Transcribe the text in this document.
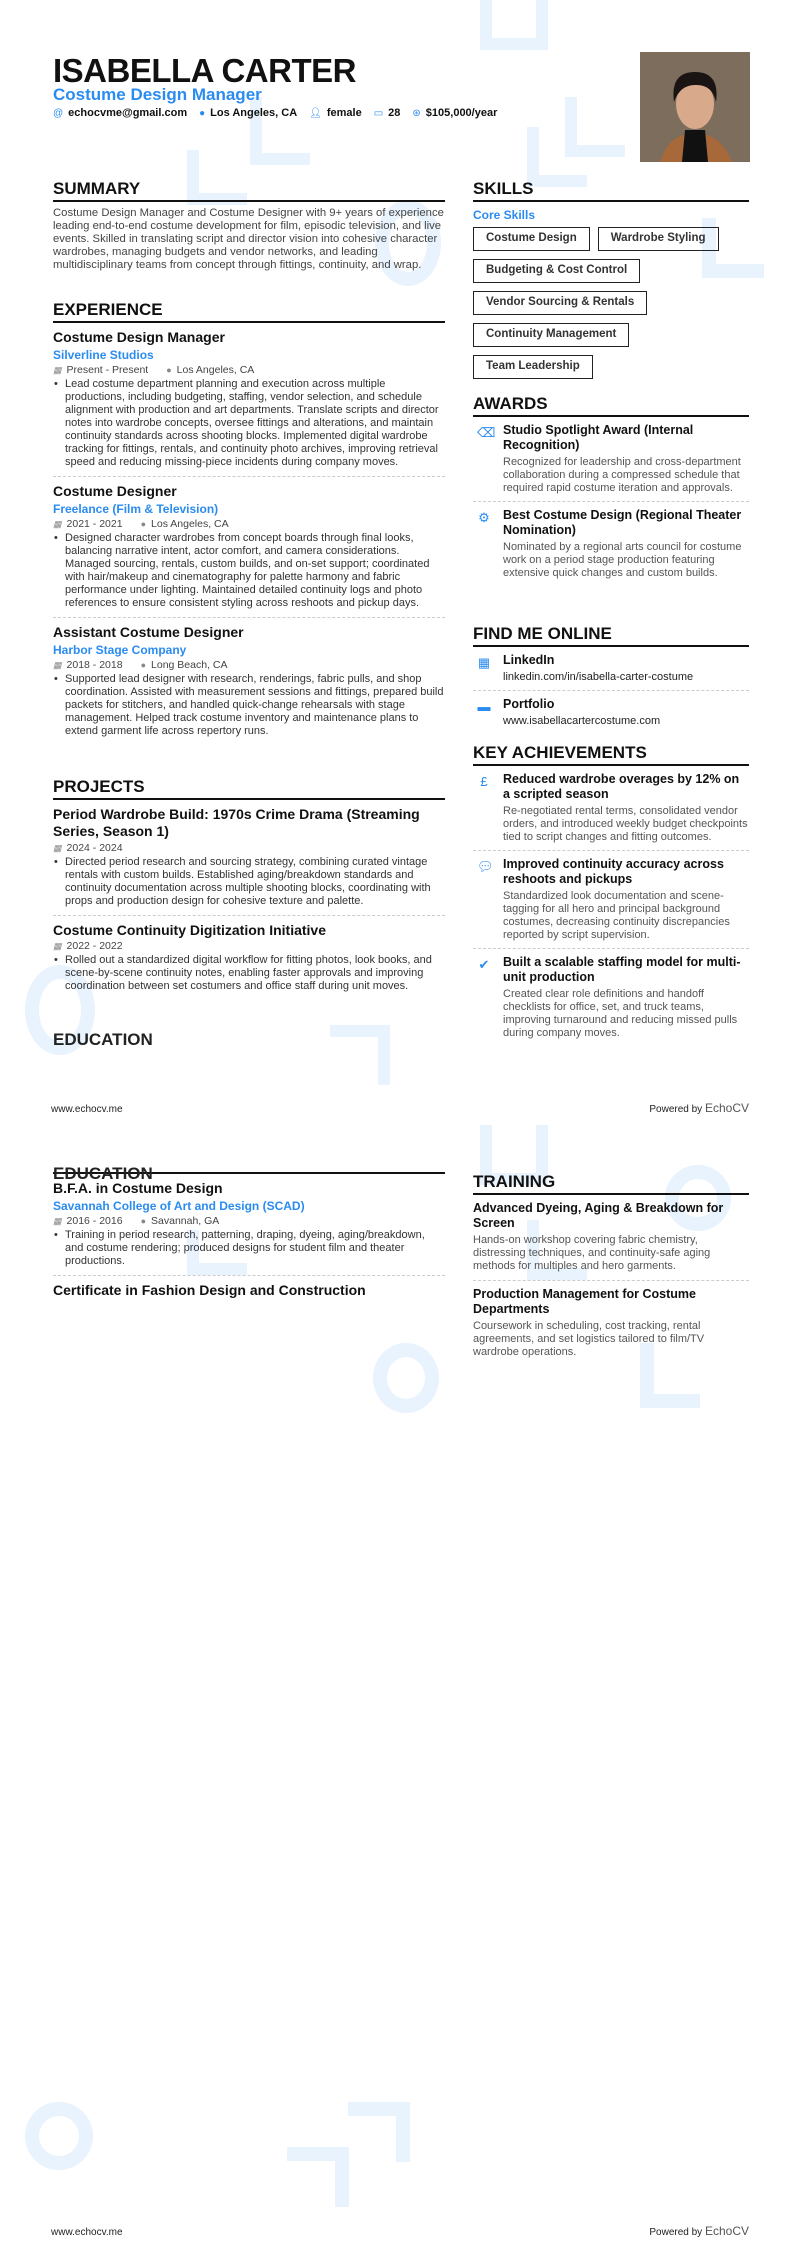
ISABELLA CARTER
Costume Design Manager
@ echocvme@gmail.com ● Los Angeles, CA 👤︎ female ▭ 28 ⊛ $105,000/year
SUMMARY
Costume Design Manager and Costume Designer with 9+ years of experience leading end-to-end costume development for film, episodic television, and live events. Skilled in translating script and director vision into cohesive character wardrobes, managing budgets and vendor networks, and leading multidisciplinary teams from concept through fittings, continuity, and wrap.
EXPERIENCE
Costume Design Manager
Silverline Studios
▦ Present - Present ● Los Angeles, CA
• Lead costume department planning and execution across multiple productions, including budgeting, staffing, vendor selection, and schedule alignment with production and art departments. Translate scripts and director notes into wardrobe concepts, oversee fittings and alterations, and maintain continuity standards across shooting blocks. Implemented digital wardrobe tracking for fittings, rentals, and continuity photo archives, improving retrieval speed and reducing missing-piece incidents during company moves.
Costume Designer
Freelance (Film & Television)
▦ 2021 - 2021 ● Los Angeles, CA
• Designed character wardrobes from concept boards through final looks, balancing narrative intent, actor comfort, and camera considerations. Managed sourcing, rentals, custom builds, and on-set support; coordinated with hair/makeup and cinematography for palette harmony and fabric performance under lighting. Maintained detailed continuity logs and photo references to ensure consistent styling across reshoots and pickup days.
Assistant Costume Designer
Harbor Stage Company
▦ 2018 - 2018 ● Long Beach, CA
• Supported lead designer with research, renderings, fabric pulls, and shop coordination. Assisted with measurement sessions and fittings, prepared build packets for stitchers, and handled quick-change rehearsals with stage management. Helped track costume inventory and maintenance plans to extend garment life across repertory runs.
PROJECTS
Period Wardrobe Build: 1970s Crime Drama (Streaming Series, Season 1)
▦ 2024 - 2024
• Directed period research and sourcing strategy, combining curated vintage rentals with custom builds. Established aging/breakdown standards and continuity documentation across multiple shooting blocks, coordinating with props and production design for cohesive texture and palette.
Costume Continuity Digitization Initiative
▦ 2022 - 2022
• Rolled out a standardized digital workflow for fitting photos, look books, and scene-by-scene continuity notes, enabling faster approvals and improving coordination between set costumers and office staff during unit moves.
EDUCATION
SKILLS
Core Skills
Costume Design	Wardrobe Styling
Budgeting & Cost Control
Vendor Sourcing & Rentals
Continuity Management
Team Leadership
AWARDS
⌫ Studio Spotlight Award (Internal Recognition)
Recognized for leadership and cross-department collaboration during a compressed schedule that required rapid costume iteration and approvals.
⚙ Best Costume Design (Regional Theater Nomination)
Nominated by a regional arts council for costume work on a period stage production featuring extensive quick changes and custom builds.
FIND ME ONLINE
▦ LinkedIn
linkedin.com/in/isabella-carter-costume
▬ Portfolio
www.isabellacartercostume.com
KEY ACHIEVEMENTS
£ Reduced wardrobe overages by 12% on a scripted season
Re-negotiated rental terms, consolidated vendor orders, and introduced weekly budget checkpoints tied to script changes and fitting outcomes.
💬︎ Improved continuity accuracy across reshoots and pickups
Standardized look documentation and scene-tagging for all hero and principal background costumes, decreasing continuity discrepancies reported by script supervision.
✔ Built a scalable staffing model for multi-unit production
Created clear role definitions and handoff checklists for office, set, and truck teams, improving turnaround and reducing missed pulls during company moves.
www.echocv.me	Powered by EchoCV
EDUCATION
B.F.A. in Costume Design
Savannah College of Art and Design (SCAD)
▦ 2016 - 2016 ● Savannah, GA
• Training in period research, patterning, draping, dyeing, aging/breakdown, and costume rendering; produced designs for student film and theater productions.
Certificate in Fashion Design and Construction
TRAINING
Advanced Dyeing, Aging & Breakdown for Screen
Hands-on workshop covering fabric chemistry, distressing techniques, and continuity-safe aging methods for multiples and hero garments.
Production Management for Costume Departments
Coursework in scheduling, cost tracking, rental agreements, and set logistics tailored to film/TV wardrobe operations.
www.echocv.me	Powered by EchoCV
